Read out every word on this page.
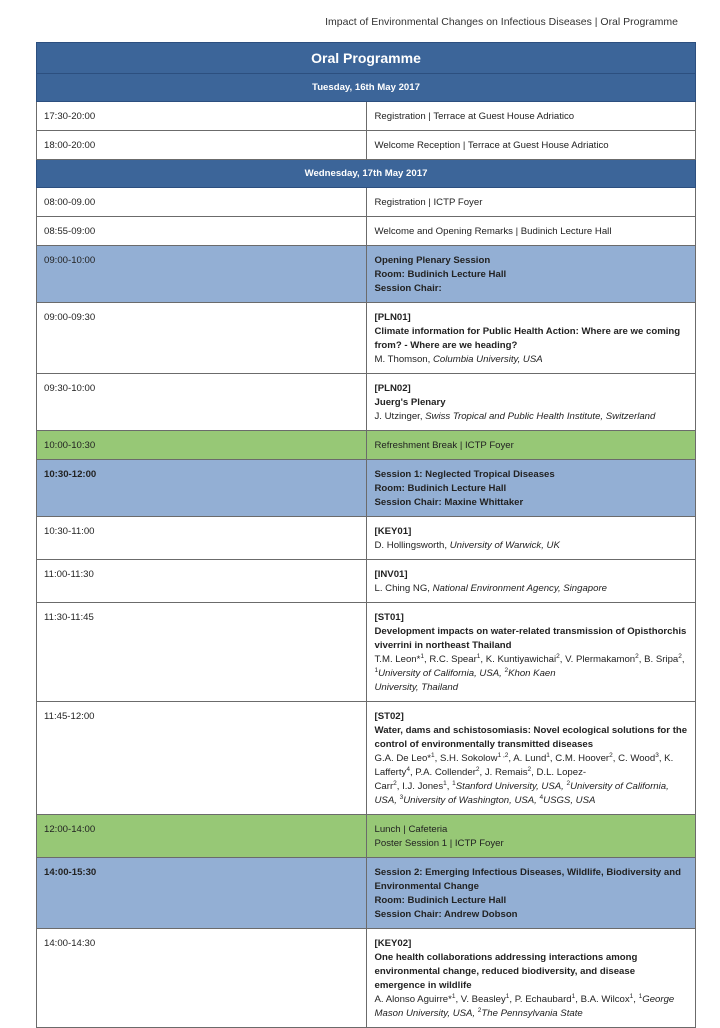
Impact of Environmental Changes on Infectious Diseases | Oral Programme
Oral Programme	
Tuesday, 16th May 2017	
17:30-20:00	Registration | Terrace at Guest House Adriatico

18:00-20:00	Welcome Reception | Terrace at Guest House Adriatico

Wednesday, 17th May 2017	
08:00-09.00	Registration | ICTP Foyer

08:55-09:00	Welcome and Opening Remarks | Budinich Lecture Hall

09:00-10:00	Opening Plenary Session
Room: Budinich Lecture Hall
Session Chair:

09:00-09:30	[PLN01]
Climate information for Public Health Action: Where are we coming from? - Where are we heading?
M. Thomson, Columbia University, USA

09:30-10:00	[PLN02]
Juerg's Plenary
J. Utzinger, Swiss Tropical and Public Health Institute, Switzerland

10:00-10:30	Refreshment Break | ICTP Foyer

10:30-12:00	Session 1: Neglected Tropical Diseases
Room: Budinich Lecture Hall
Session Chair: Maxine Whittaker

10:30-11:00	[KEY01]
D. Hollingsworth, University of Warwick, UK

11:00-11:30	[INV01]
L. Ching NG, National Environment Agency, Singapore

11:30-11:45	[ST01]
Development impacts on water-related transmission of Opisthorchis viverrini in northeast Thailand
T.M. Leon*$^1$, R.C. Spear$^1$, K. Kuntiyawichai$^2$, V. Plermakamon$^2$, B. Sripa$^2$, $^1$University of California, USA, $^2$Khon Kaen
University, Thailand

11:45-12:00	[ST02]
Water, dams and schistosomiasis: Novel ecological solutions for the control of environmentally transmitted diseases
G.A. De Leo*$^1$, S.H. Sokolow$^{1 ,2}$, A. Lund$^1$, C.M. Hoover$^2$, C. Wood$^3$, K. Lafferty$^4$, P.A. Collender$^2$, J. Remais$^2$, D.L. Lopez-
Carr$^2$, I.J. Jones$^1$, $^1$Stanford University, USA, $^2$University of California, USA, $^3$University of Washington, USA, $^4$USGS, USA

12:00-14:00	Lunch | Cafeteria
Poster Session 1 | ICTP Foyer

14:00-15:30	Session 2: Emerging Infectious Diseases, Wildlife, Biodiversity and Environmental Change
Room: Budinich Lecture Hall
Session Chair: Andrew Dobson

14:00-14:30	[KEY02]
One health collaborations addressing interactions among environmental change, reduced biodiversity, and disease
emergence in wildlife
A. Alonso Aguirre*$^1$, V. Beasley$^1$, P. Echaubard$^1$, B.A. Wilcox$^1$, $^1$George Mason University, USA, $^2$The Pennsylvania State
